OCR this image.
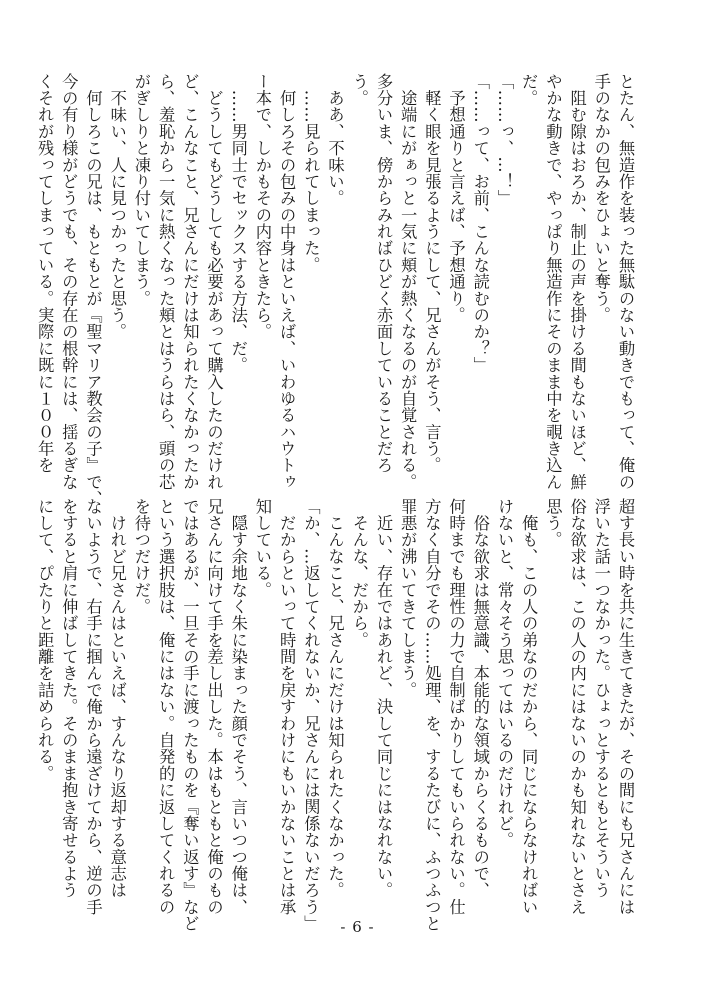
とたん、無造作を装った無駄のない動きでもって、俺の
手のなかの包みをひょいと奪う。
　阻む隙はおろか、制止の声を掛ける間もないほど、鮮
やかな動きで、やっぱり無造作にそのまま中を覗き込ん
だ。
「……っ、…！」
「……って、お前、こんな読むのか？」
　予想通りと言えば、予想通り。
　軽く眼を見張るようにして、兄さんがそう、言う。
　途端にがぁっと一気に頬が熱くなるのが自覚される。
多分いま、傍からみればひどく赤面していることだろ
う。
　ああ、不味い。
　……見られてしまった。
　何しろその包みの中身はといえば、いわゆるハウトゥ
ー本で、しかもその内容ときたら。
　……男同士でセックスする方法、だ。
　どうしてもどうしても必要があって購入したのだけれ
ど、こんなこと、兄さんにだけは知られたくなかったか
ら、羞恥から一気に熱くなった頬とはうらはら、頭の芯
がぎしりと凍り付いてしまう。
　不味い、人に見つかったと思う。
　何しろこの兄は、もともとが『聖マリア教会の子』で、
今の有り様がどうでも、その存在の根幹には、揺るぎな
くそれが残ってしまっている。実際に既に１００年を
超す長い時を共に生きてきたが、その間にも兄さんには
浮いた話一つなかった。ひょっとするともとそういう
俗な欲求は、この人の内にはないのかも知れないとさえ
思う。
　俺も、この人の弟なのだから、同じにならなければい
けないと、常々そう思ってはいるのだけれど。
　俗な欲求は無意識、本能的な領域からくるもので、
何時までも理性の力で自制ばかりしてもいられない。仕
方なく自分でその……処理、を、するたびに、ふつふつと
罪悪が沸いてきてしまう。
　近い、存在ではあれど、決して同じにはなれない。
　そんな、だから。
　こんなこと、兄さんにだけは知られたくなかった。
「か、…返してくれないか、兄さんには関係ないだろう」
　だからといって時間を戻すわけにもいかないことは承
知している。
　隠す余地なく朱に染まった顔でそう、言いつつ俺は、
兄さんに向けて手を差し出した。本はもともと俺のもの
ではあるが、一旦その手に渡ったものを『奪い返す』など
という選択肢は、俺にはない。自発的に返してくれるの
を待つだけだ。
　けれど兄さんはといえば、すんなり返却する意志は
ないようで、右手に掴んで俺から遠ざけてから、逆の手
をすると肩に伸ばしてきた。そのまま抱き寄せるよう
にして、ぴたりと距離を詰められる。
- 6 -
